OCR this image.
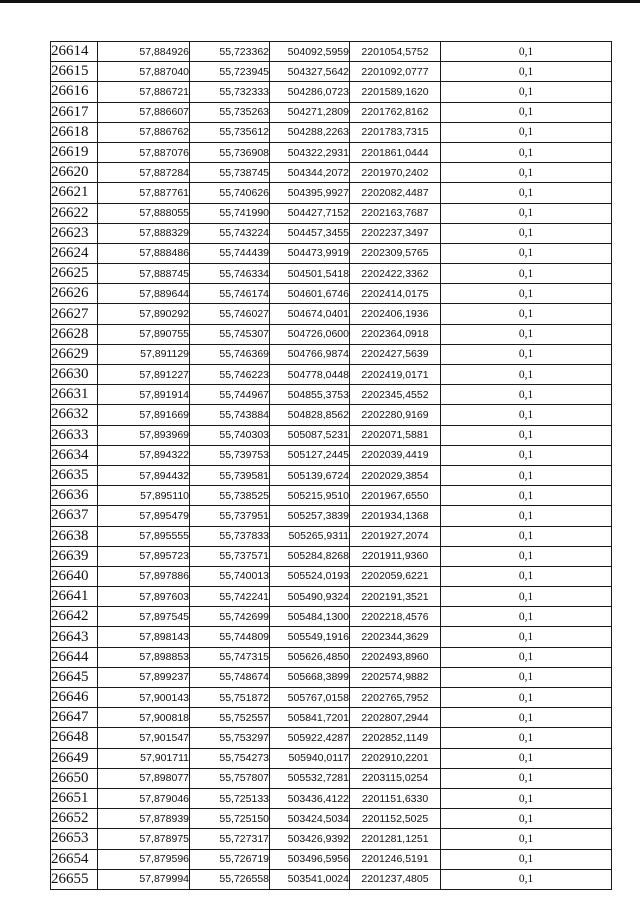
26614	57,884926	55,723362	504092,5959	2201054,5752	0,1
26615	57,887040	55,723945	504327,5642	2201092,0777	0,1
26616	57,886721	55,732333	504286,0723	2201589,1620	0,1
26617	57,886607	55,735263	504271,2809	2201762,8162	0,1
26618	57,886762	55,735612	504288,2263	2201783,7315	0,1
26619	57,887076	55,736908	504322,2931	2201861,0444	0,1
26620	57,887284	55,738745	504344,2072	2201970,2402	0,1
26621	57,887761	55,740626	504395,9927	2202082,4487	0,1
26622	57,888055	55,741990	504427,7152	2202163,7687	0,1
26623	57,888329	55,743224	504457,3455	2202237,3497	0,1
26624	57,888486	55,744439	504473,9919	2202309,5765	0,1
26625	57,888745	55,746334	504501,5418	2202422,3362	0,1
26626	57,889644	55,746174	504601,6746	2202414,0175	0,1
26627	57,890292	55,746027	504674,0401	2202406,1936	0,1
26628	57,890755	55,745307	504726,0600	2202364,0918	0,1
26629	57,891129	55,746369	504766,9874	2202427,5639	0,1
26630	57,891227	55,746223	504778,0448	2202419,0171	0,1
26631	57,891914	55,744967	504855,3753	2202345,4552	0,1
26632	57,891669	55,743884	504828,8562	2202280,9169	0,1
26633	57,893969	55,740303	505087,5231	2202071,5881	0,1
26634	57,894322	55,739753	505127,2445	2202039,4419	0,1
26635	57,894432	55,739581	505139,6724	2202029,3854	0,1
26636	57,895110	55,738525	505215,9510	2201967,6550	0,1
26637	57,895479	55,737951	505257,3839	2201934,1368	0,1
26638	57,895555	55,737833	505265,9311	2201927,2074	0,1
26639	57,895723	55,737571	505284,8268	2201911,9360	0,1
26640	57,897886	55,740013	505524,0193	2202059,6221	0,1
26641	57,897603	55,742241	505490,9324	2202191,3521	0,1
26642	57,897545	55,742699	505484,1300	2202218,4576	0,1
26643	57,898143	55,744809	505549,1916	2202344,3629	0,1
26644	57,898853	55,747315	505626,4850	2202493,8960	0,1
26645	57,899237	55,748674	505668,3899	2202574,9882	0,1
26646	57,900143	55,751872	505767,0158	2202765,7952	0,1
26647	57,900818	55,752557	505841,7201	2202807,2944	0,1
26648	57,901547	55,753297	505922,4287	2202852,1149	0,1
26649	57,901711	55,754273	505940,0117	2202910,2201	0,1
26650	57,898077	55,757807	505532,7281	2203115,0254	0,1
26651	57,879046	55,725133	503436,4122	2201151,6330	0,1
26652	57,878939	55,725150	503424,5034	2201152,5025	0,1
26653	57,878975	55,727317	503426,9392	2201281,1251	0,1
26654	57,879596	55,726719	503496,5956	2201246,5191	0,1
26655	57,879994	55,726558	503541,0024	2201237,4805	0,1
